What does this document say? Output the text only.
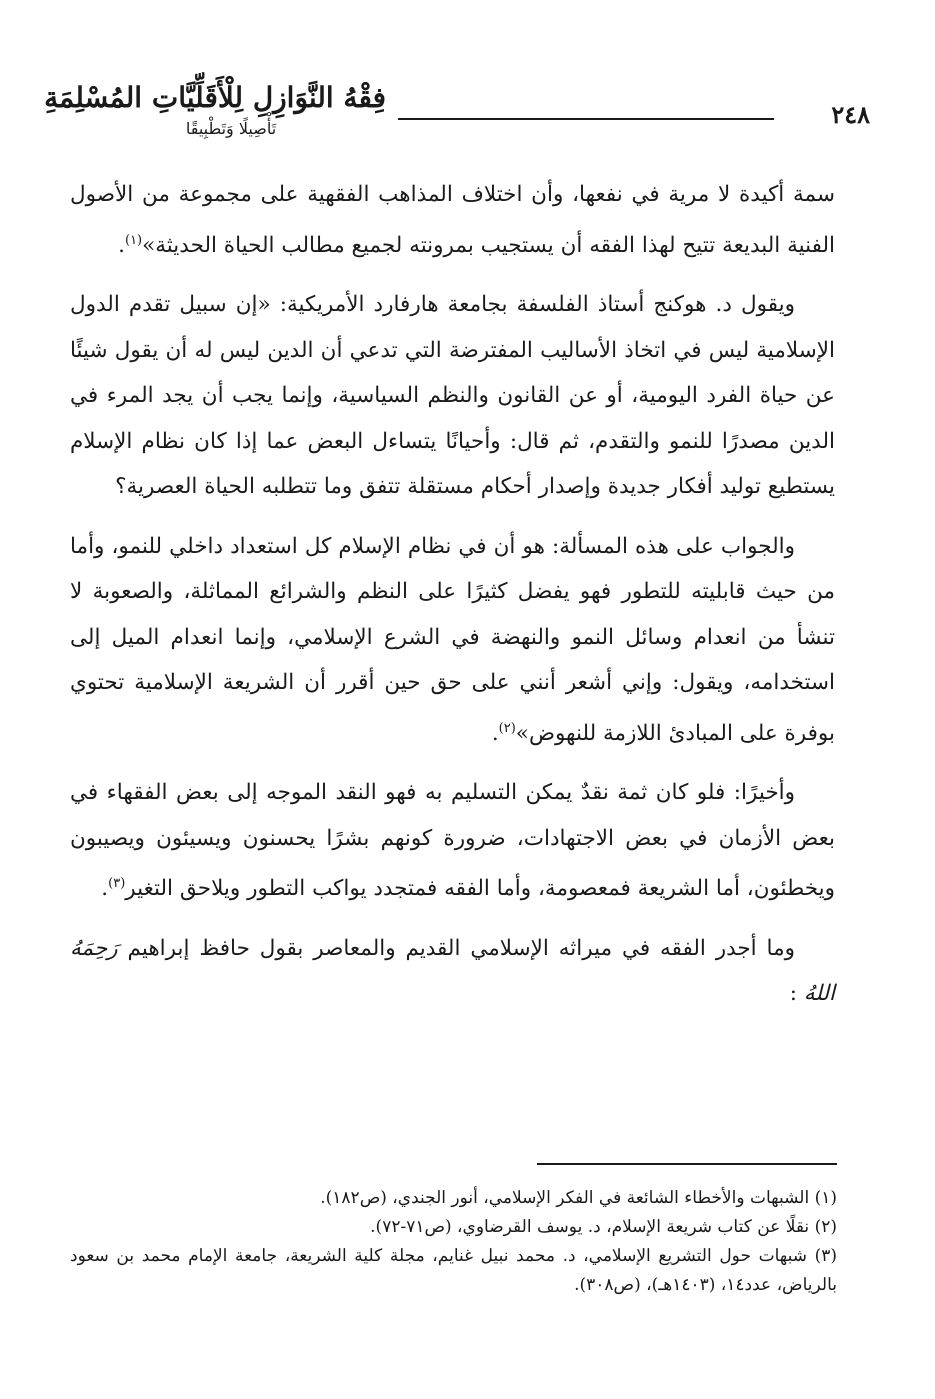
٢٤٨
فِقْهُ النَّوَازِلِ لِلْأَقَلِّيَّاتِ المُسْلِمَةِ
تَأْصِيلًا وَتَطْبِيقًا

سمة أكيدة لا مرية في نفعها، وأن اختلاف المذاهب الفقهية على مجموعة من الأصول الفنية البديعة تتيح لهذا الفقه أن يستجيب بمرونته لجميع مطالب الحياة الحديثة»$^{(١)}$.

ويقول د. هوكنج أستاذ الفلسفة بجامعة هارفارد الأمريكية: «إن سبيل تقدم الدول الإسلامية ليس في اتخاذ الأساليب المفترضة التي تدعي أن الدين ليس له أن يقول شيئًا عن حياة الفرد اليومية، أو عن القانون والنظم السياسية، وإنما يجب أن يجد المرء في الدين مصدرًا للنمو والتقدم، ثم قال: وأحيانًا يتساءل البعض عما إذا كان نظام الإسلام يستطيع توليد أفكار جديدة وإصدار أحكام مستقلة تتفق وما تتطلبه الحياة العصرية؟

والجواب على هذه المسألة: هو أن في نظام الإسلام كل استعداد داخلي للنمو، وأما من حيث قابليته للتطور فهو يفضل كثيرًا على النظم والشرائع المماثلة، والصعوبة لا تنشأ من انعدام وسائل النمو والنهضة في الشرع الإسلامي، وإنما انعدام الميل إلى استخدامه، ويقول: وإني أشعر أنني على حق حين أقرر أن الشريعة الإسلامية تحتوي بوفرة على المبادئ اللازمة للنهوض»$^{(٢)}$.

وأخيرًا: فلو كان ثمة نقدٌ يمكن التسليم به فهو النقد الموجه إلى بعض الفقهاء في بعض الأزمان في بعض الاجتهادات، ضرورة كونهم بشرًا يحسنون ويسيئون ويصيبون ويخطئون، أما الشريعة فمعصومة، وأما الفقه فمتجدد يواكب التطور ويلاحق التغير$^{(٣)}$.

وما أجدر الفقه في ميراثه الإسلامي القديم والمعاصر بقول حافظ إبراهيم رَحِمَهُ اللهُ :

(١) الشبهات والأخطاء الشائعة في الفكر الإسلامي، أنور الجندي، (ص١٨٢).

(٢) نقلًا عن كتاب شريعة الإسلام، د. يوسف القرضاوي، (ص٧١-٧٢).

(٣) شبهات حول التشريع الإسلامي، د. محمد نبيل غنايم، مجلة كلية الشريعة، جامعة الإمام محمد بن سعود بالرياض، عدد١٤، (١٤٠٣هـ)، (ص٣٠٨).
